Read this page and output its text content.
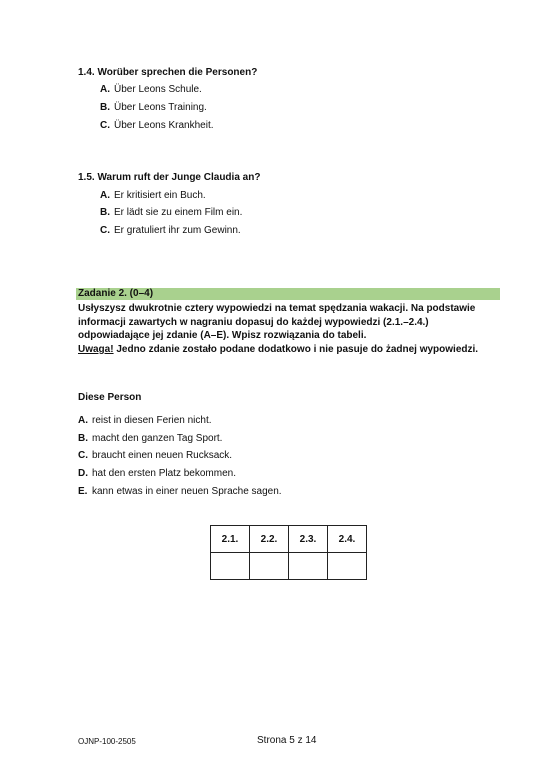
1.4. Worüber sprechen die Personen?
A. Über Leons Schule.
B. Über Leons Training.
C. Über Leons Krankheit.
1.5. Warum ruft der Junge Claudia an?
A. Er kritisiert ein Buch.
B. Er lädt sie zu einem Film ein.
C. Er gratuliert ihr zum Gewinn.
Zadanie 2. (0–4)
Usłyszysz dwukrotnie cztery wypowiedzi na temat spędzania wakacji. Na podstawie
informacji zawartych w nagraniu dopasuj do każdej wypowiedzi (2.1.–2.4.)
odpowiadające jej zdanie (A–E). Wpisz rozwiązania do tabeli.
Uwaga! Jedno zdanie zostało podane dodatkowo i nie pasuje do żadnej wypowiedzi.
Diese Person
A. reist in diesen Ferien nicht.
B. macht den ganzen Tag Sport.
C. braucht einen neuen Rucksack.
D. hat den ersten Platz bekommen.
E. kann etwas in einer neuen Sprache sagen.
2.1.	2.2.	2.3.	2.4.

OJNP-100-2505	Strona 5 z 14
